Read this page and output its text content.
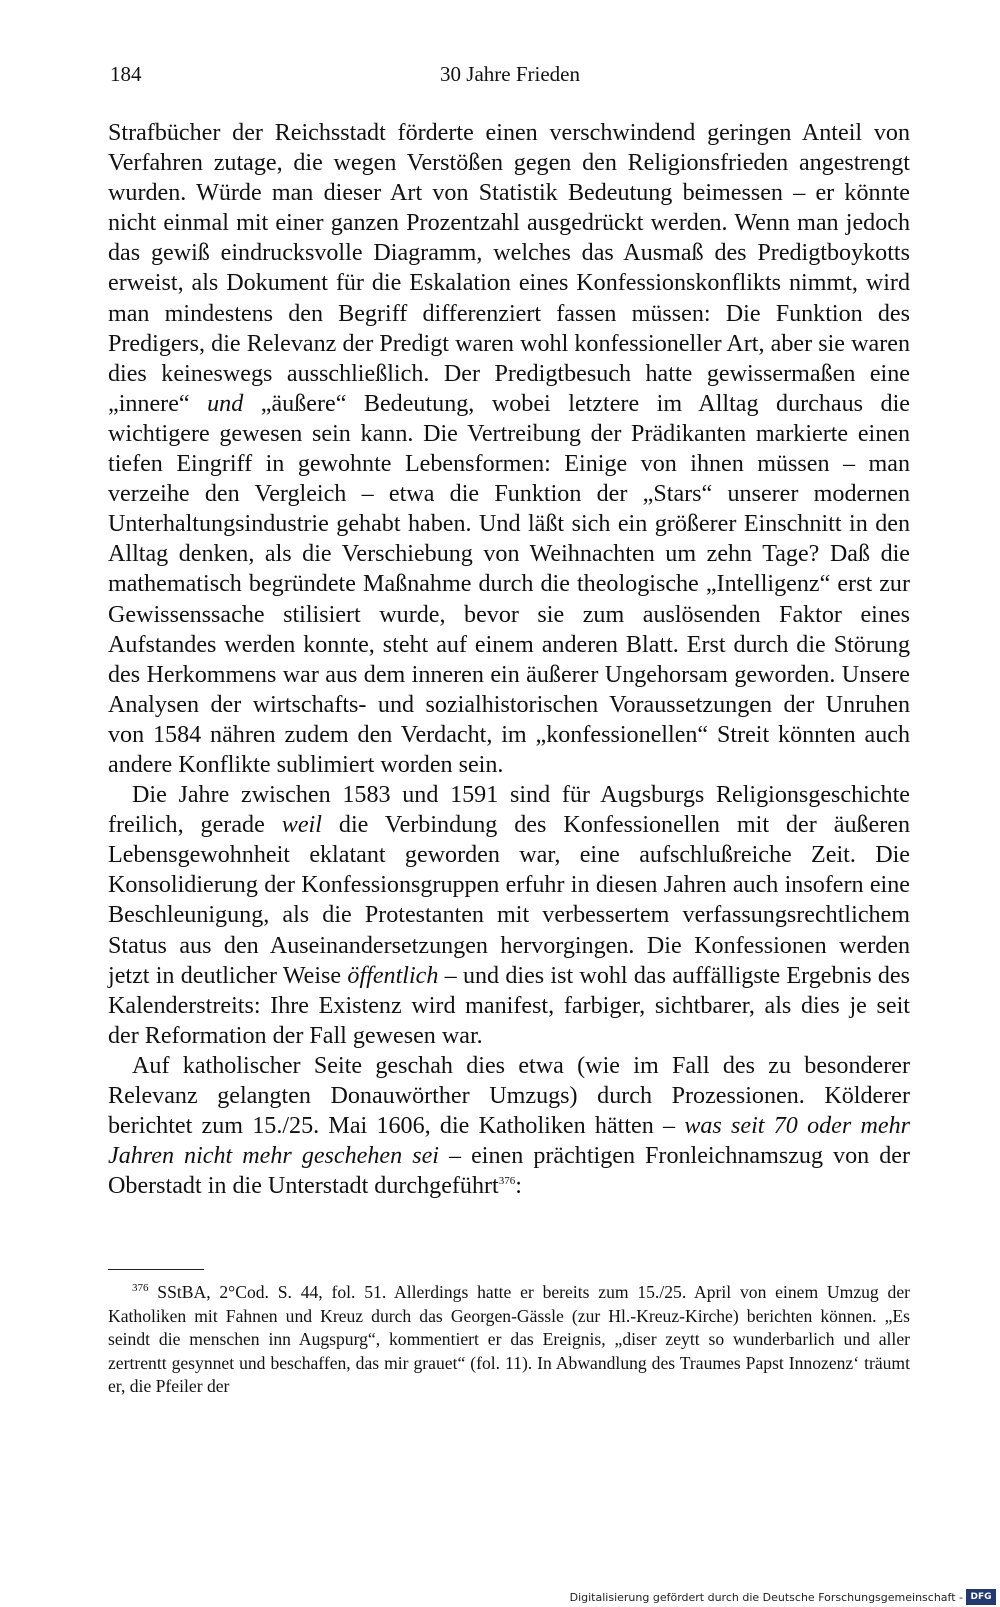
184	30 Jahre Frieden

Strafbücher der Reichsstadt förderte einen verschwindend geringen Anteil von Verfahren zutage, die wegen Verstößen gegen den Religionsfrieden angestrengt wurden. Würde man dieser Art von Statistik Bedeutung beimessen – er könnte nicht einmal mit einer ganzen Prozentzahl ausgedrückt werden. Wenn man jedoch das gewiß eindrucksvolle Diagramm, welches das Ausmaß des Predigtboykotts erweist, als Dokument für die Eskalation eines Konfessionskonflikts nimmt, wird man mindestens den Begriff differenziert fassen müssen: Die Funktion des Predigers, die Relevanz der Predigt waren wohl konfessioneller Art, aber sie waren dies keineswegs ausschließlich. Der Predigtbesuch hatte gewissermaßen eine „innere“ und „äußere“ Bedeutung, wobei letztere im Alltag durchaus die wichtigere gewesen sein kann. Die Vertreibung der Prädikanten markierte einen tiefen Eingriff in gewohnte Lebensformen: Einige von ihnen müssen – man verzeihe den Vergleich – etwa die Funktion der „Stars“ unserer modernen Unterhaltungsindustrie gehabt haben. Und läßt sich ein größerer Einschnitt in den Alltag denken, als die Verschiebung von Weihnachten um zehn Tage? Daß die mathematisch begründete Maßnahme durch die theologische „Intelligenz“ erst zur Gewissenssache stilisiert wurde, bevor sie zum auslösenden Faktor eines Aufstandes werden konnte, steht auf einem anderen Blatt. Erst durch die Störung des Herkommens war aus dem inneren ein äußerer Ungehorsam geworden. Unsere Analysen der wirtschafts- und sozialhistorischen Voraussetzungen der Unruhen von 1584 nähren zudem den Verdacht, im „konfessionellen“ Streit könnten auch andere Konflikte sublimiert worden sein.

Die Jahre zwischen 1583 und 1591 sind für Augsburgs Religionsgeschichte freilich, gerade weil die Verbindung des Konfessionellen mit der äußeren Lebensgewohnheit eklatant geworden war, eine aufschlußreiche Zeit. Die Konsolidierung der Konfessionsgruppen erfuhr in diesen Jahren auch insofern eine Beschleunigung, als die Protestanten mit verbessertem verfassungsrechtlichem Status aus den Auseinandersetzungen hervorgingen. Die Konfessionen werden jetzt in deutlicher Weise öffentlich – und dies ist wohl das auffälligste Ergebnis des Kalenderstreits: Ihre Existenz wird manifest, farbiger, sichtbarer, als dies je seit der Reformation der Fall gewesen war.

Auf katholischer Seite geschah dies etwa (wie im Fall des zu besonderer Relevanz gelangten Donauwörther Umzugs) durch Prozessionen. Kölderer berichtet zum 15./25. Mai 1606, die Katholiken hätten – was seit 70 oder mehr Jahren nicht mehr geschehen sei – einen prächtigen Fronleichnamszug von der Oberstadt in die Unterstadt durchgeführt$^{376}$:

$^{376}$ SStBA, 2°Cod. S. 44, fol. 51. Allerdings hatte er bereits zum 15./25. April von einem Umzug der Katholiken mit Fahnen und Kreuz durch das Georgen-Gässle (zur Hl.-Kreuz-Kirche) berichten können. „Es seindt die menschen inn Augspurg“, kommentiert er das Ereignis, „diser zeytt so wunderbarlich und aller zertrentt gesynnet und beschaffen, das mir grauet“ (fol. 11). In Abwandlung des Traumes Papst Innozenz‘ träumt er, die Pfeiler der

Digitalisierung gefördert durch die Deutsche Forschungsgemeinschaft - DFG
